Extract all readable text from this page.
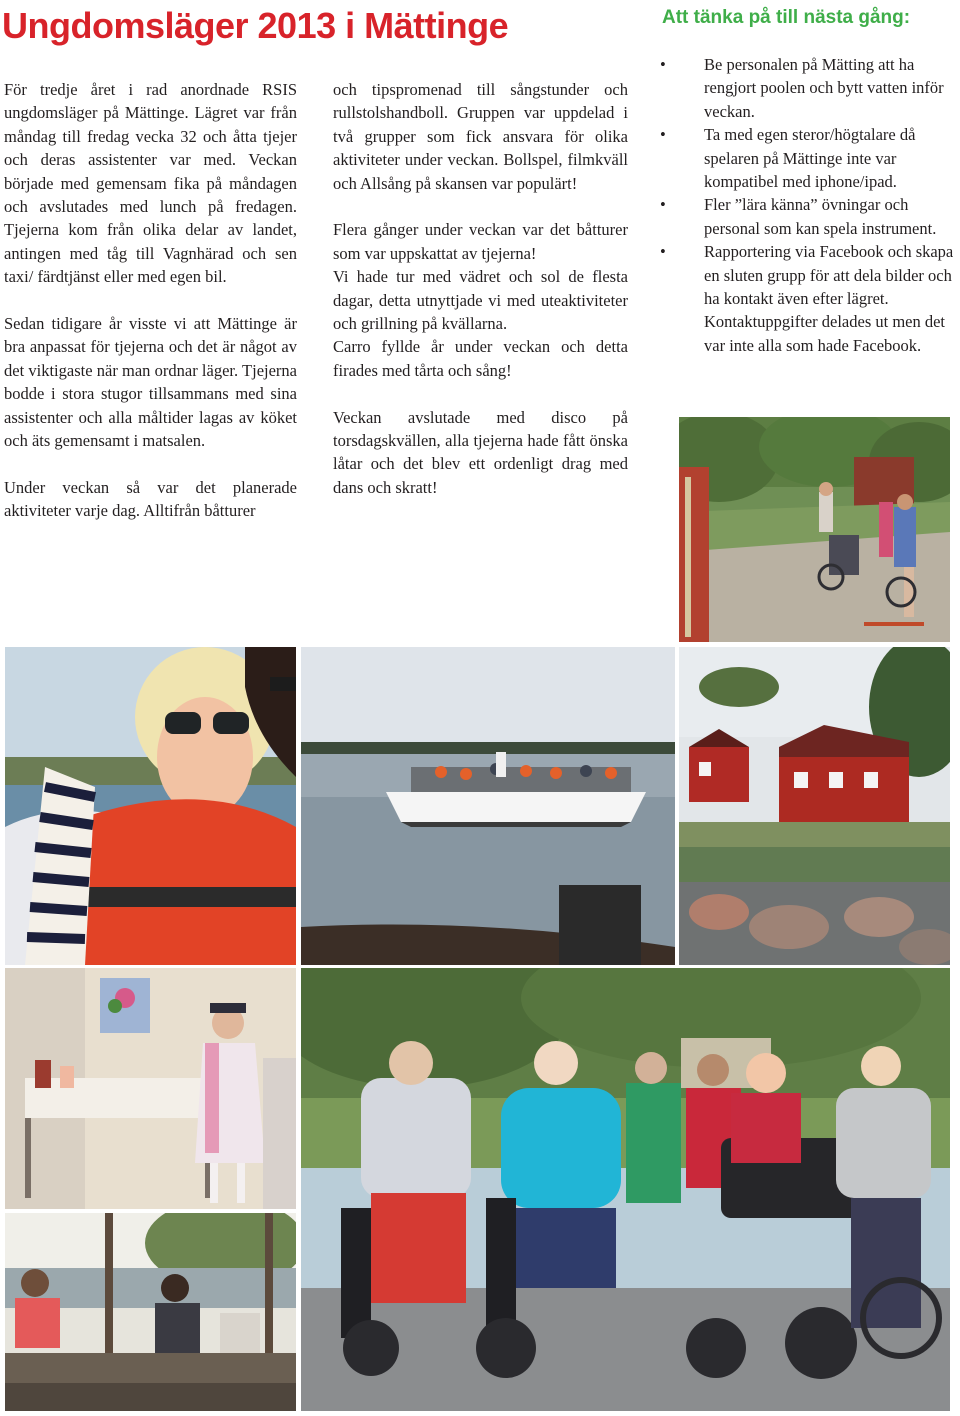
Ungdomsläger 2013 i Mättinge	Att tänka på till nästa gång:

För tredje året i rad anordnade RSIS ungdomsläger på Mättinge. Lägret var från måndag till fredag vecka 32 och åtta tjejer och deras assistenter var med. Veckan började med gemensam fika på måndagen och avslutades med lunch på fredagen. Tjejerna kom från olika delar av landet, antingen med tåg till Vagnhärad och sen taxi/ färdtjänst eller med egen bil.

Sedan tidigare år visste vi att Mättinge är bra anpassat för tjejerna och det är något av det viktigaste när man ordnar läger. Tjejerna bodde i stora stugor tillsammans med sina assistenter och alla måltider lagas av köket och äts gemensamt i matsalen.

Under veckan så var det planerade aktiviteter varje dag. Alltifrån båtturer

och tipspromenad till sångstunder och rullstolshandboll. Gruppen var uppdelad i två grupper som fick ansvara för olika aktiviteter under veckan. Bollspel, filmkväll och Allsång på skansen var populärt!

Flera gånger under veckan var det båtturer som var uppskattat av tjejerna!

Vi hade tur med vädret och sol de flesta dagar, detta utnyttjade vi med uteaktiviteter och grillning på kvällarna.

Carro fyllde år under veckan och detta firades med tårta och sång!

Veckan avslutade med disco på torsdagskvällen, alla tjejerna hade fått önska låtar och det blev ett ordenligt drag med dans och skratt!

• Be personalen på Mätting att ha rengjort poolen och bytt vatten inför veckan.
• Ta med egen steror/högtalare då spelaren på Mättinge inte var kompatibel med iphone/ipad.
• Fler ”lära känna” övningar och personal som kan spela instrument.
• Rapportering via Facebook och skapa en sluten grupp för att dela bilder och ha kontakt även efter lägret. Kontaktuppgifter delades ut men det var inte alla som hade Facebook.
